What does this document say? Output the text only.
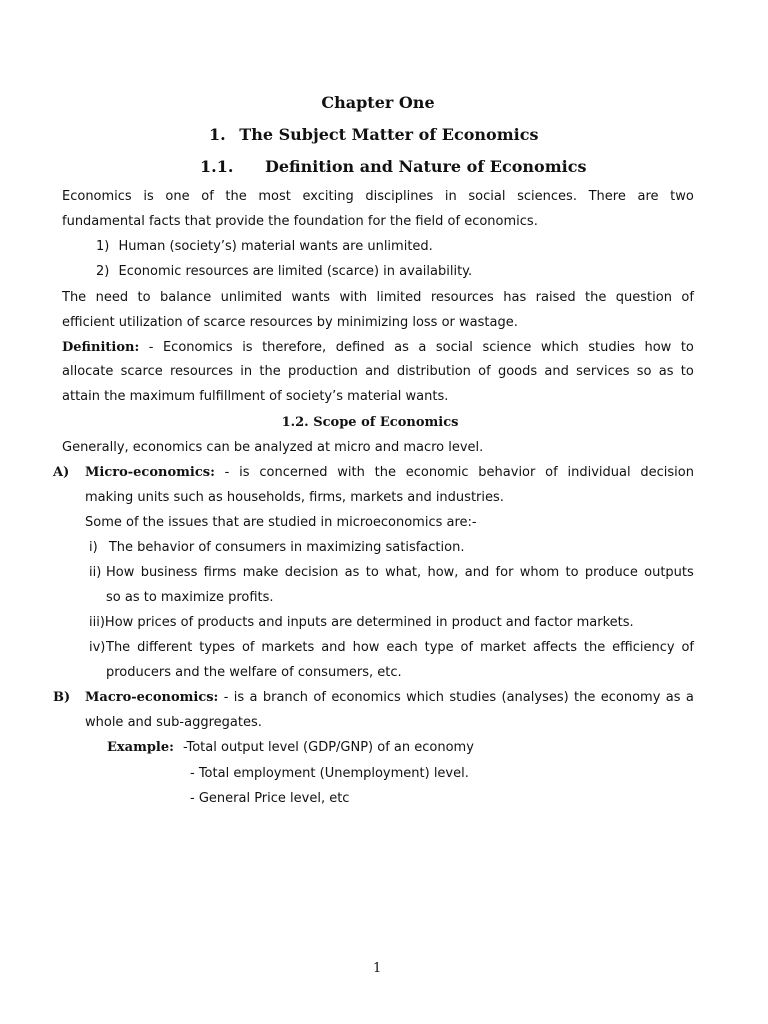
Chapter One
1. The Subject Matter of Economics
1.1. Definition and Nature of Economics
Economics is one of the most exciting disciplines in social sciences. There are two
fundamental facts that provide the foundation for the field of economics.
1) Human (society’s) material wants are unlimited.
2) Economic resources are limited (scarce) in availability.
The need to balance unlimited wants with limited resources has raised the question of
efficient utilization of scarce resources by minimizing loss or wastage.
Definition: - Economics is therefore, defined as a social science which studies how to
allocate scarce resources in the production and distribution of goods and services so as to
attain the maximum fulfillment of society’s material wants.
1.2. Scope of Economics
Generally, economics can be analyzed at micro and macro level.
A) Micro-economics: - is concerned with the economic behavior of individual decision
making units such as households, firms, markets and industries.
Some of the issues that are studied in microeconomics are:-
i) The behavior of consumers in maximizing satisfaction.
ii) How business firms make decision as to what, how, and for whom to produce outputs
so as to maximize profits.
iii)How prices of products and inputs are determined in product and factor markets.
iv) The different types of markets and how each type of market affects the efficiency of
producers and the welfare of consumers, etc.
B) Macro-economics: - is a branch of economics which studies (analyses) the economy as a
whole and sub-aggregates.
Example: -Total output level (GDP/GNP) of an economy
- Total employment (Unemployment) level.
- General Price level, etc
1
